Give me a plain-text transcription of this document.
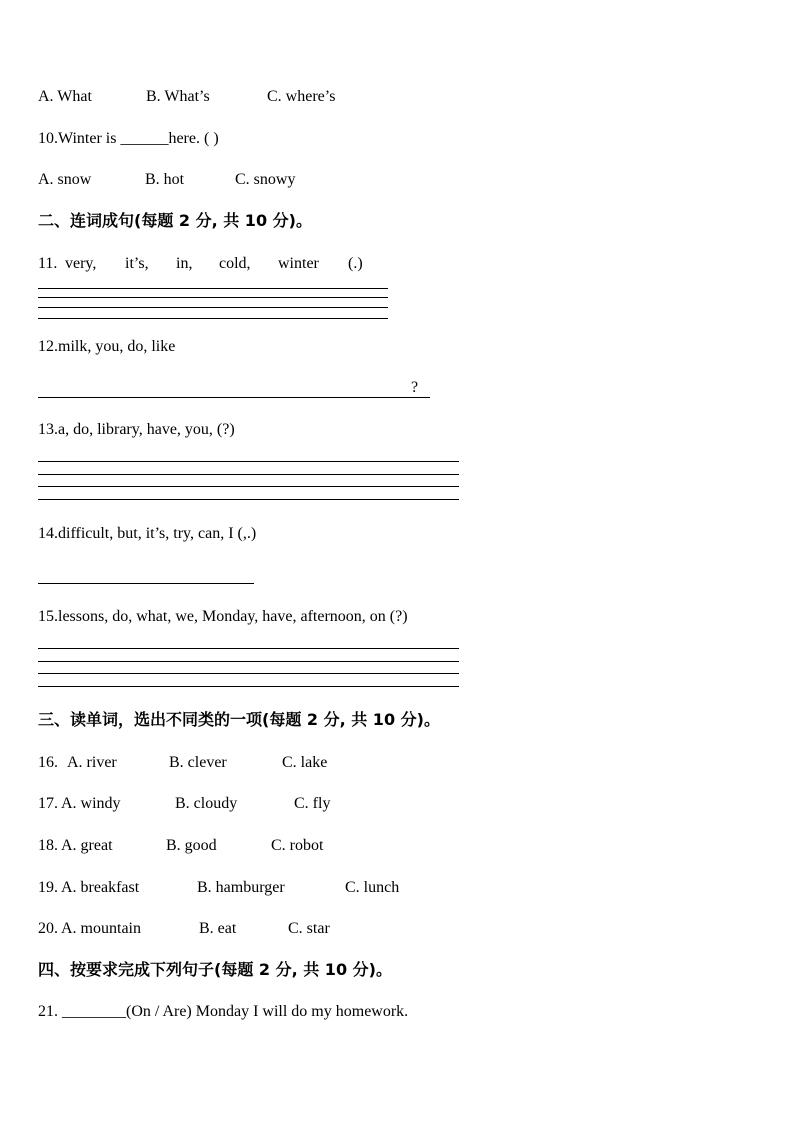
A. What	B. What’s	C. where’s
10.Winter is ______here. ( )
A. snow	B. hot	C. snowy
二、连词成句(每题 2 分, 共 10 分)。
11. very, it’s, in, cold, winter (.)
12.milk, you, do, like
?
13.a, do, library, have, you, (?)
14.difficult, but, it’s, try, can, I (,.)
15.lessons, do, what, we, Monday, have, afternoon, on (?)
三、读单词，选出不同类的一项(每题 2 分, 共 10 分)。
16. A. river	B. clever	C. lake
17. A. windy	B. cloudy	C. fly
18. A. great	B. good	C. robot
19. A. breakfast	B. hamburger	C. lunch
20. A. mountain	B. eat	C. star
四、按要求完成下列句子(每题 2 分, 共 10 分)。
21. ________(On / Are) Monday I will do my homework.
